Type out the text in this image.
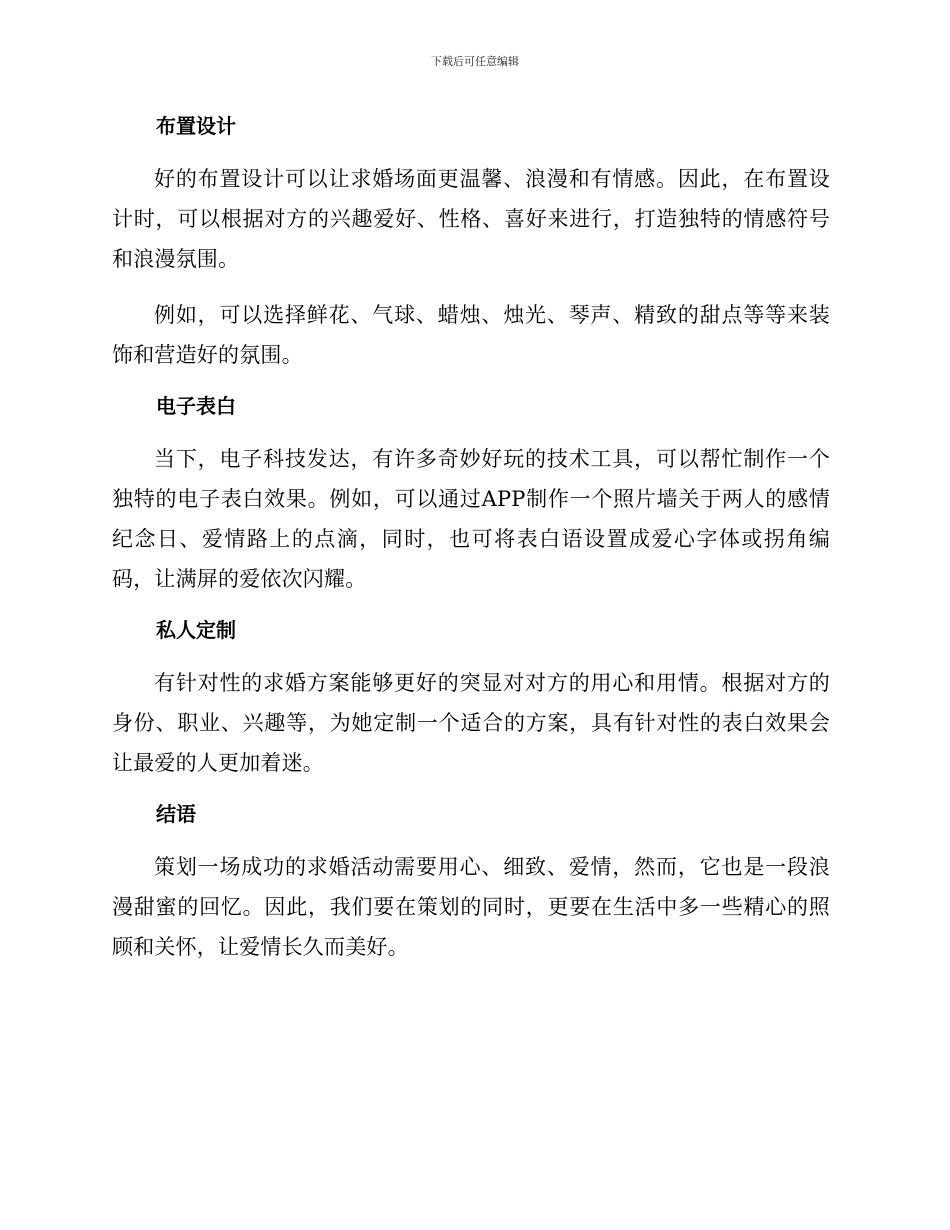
下载后可任意编辑
布置设计

好的布置设计可以让求婚场面更温馨、浪漫和有情感。因此，在布置设计时，可以根据对方的兴趣爱好、性格、喜好来进行，打造独特的情感符号和浪漫氛围。

例如，可以选择鲜花、气球、蜡烛、烛光、琴声、精致的甜点等等来装饰和营造好的氛围。

电子表白

当下，电子科技发达，有许多奇妙好玩的技术工具，可以帮忙制作一个独特的电子表白效果。例如，可以通过APP制作一个照片墙关于两人的感情纪念日、爱情路上的点滴，同时，也可将表白语设置成爱心字体或拐角编码，让满屏的爱依次闪耀。

私人定制

有针对性的求婚方案能够更好的突显对对方的用心和用情。根据对方的身份、职业、兴趣等，为她定制一个适合的方案，具有针对性的表白效果会让最爱的人更加着迷。

结语

策划一场成功的求婚活动需要用心、细致、爱情，然而，它也是一段浪漫甜蜜的回忆。因此，我们要在策划的同时，更要在生活中多一些精心的照顾和关怀，让爱情长久而美好。
